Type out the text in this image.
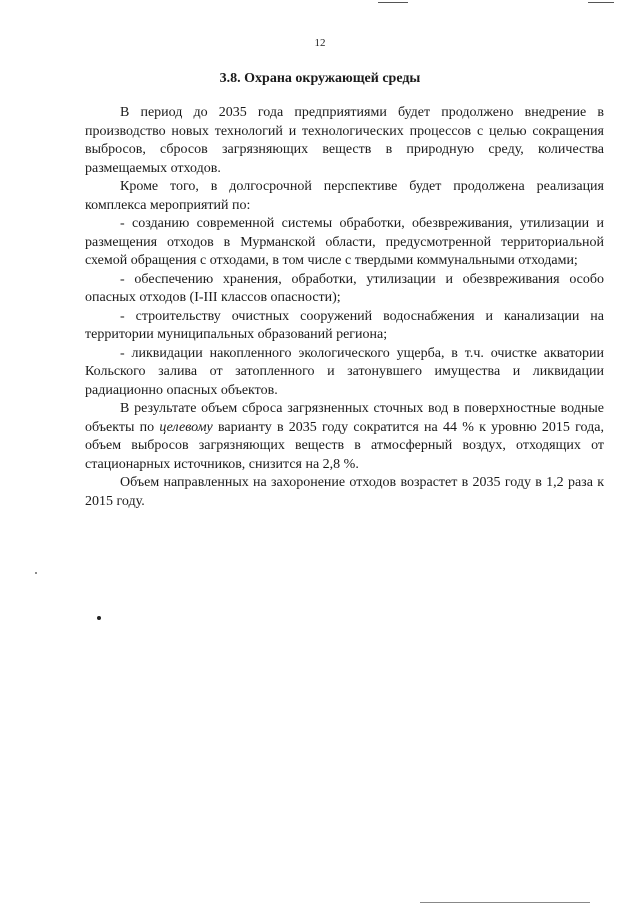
12
3.8. Охрана окружающей среды

В период до 2035 года предприятиями будет продолжено внедрение в производство новых технологий и технологических процессов с целью сокращения выбросов, сбросов загрязняющих веществ в природную среду, количества размещаемых отходов.

Кроме того, в долгосрочной перспективе будет продолжена реализация комплекса мероприятий по:

- созданию современной системы обработки, обезвреживания, утилизации и размещения отходов в Мурманской области, предусмотренной территориальной схемой обращения с отходами, в том числе с твердыми коммунальными отходами;

- обеспечению хранения, обработки, утилизации и обезвреживания особо опасных отходов (I-III классов опасности);

- строительству очистных сооружений водоснабжения и канализации на территории муниципальных образований региона;

- ликвидации накопленного экологического ущерба, в т.ч. очистке акватории Кольского залива от затопленного и затонувшего имущества и ликвидации радиационно опасных объектов.

В результате объем сброса загрязненных сточных вод в поверхностные водные объекты по целевому варианту в 2035 году сократится на 44 % к уровню 2015 года, объем выбросов загрязняющих веществ в атмосферный воздух, отходящих от стационарных источников, снизится на 2,8 %.

Объем направленных на захоронение отходов возрастет в 2035 году в 1,2 раза к 2015 году.
